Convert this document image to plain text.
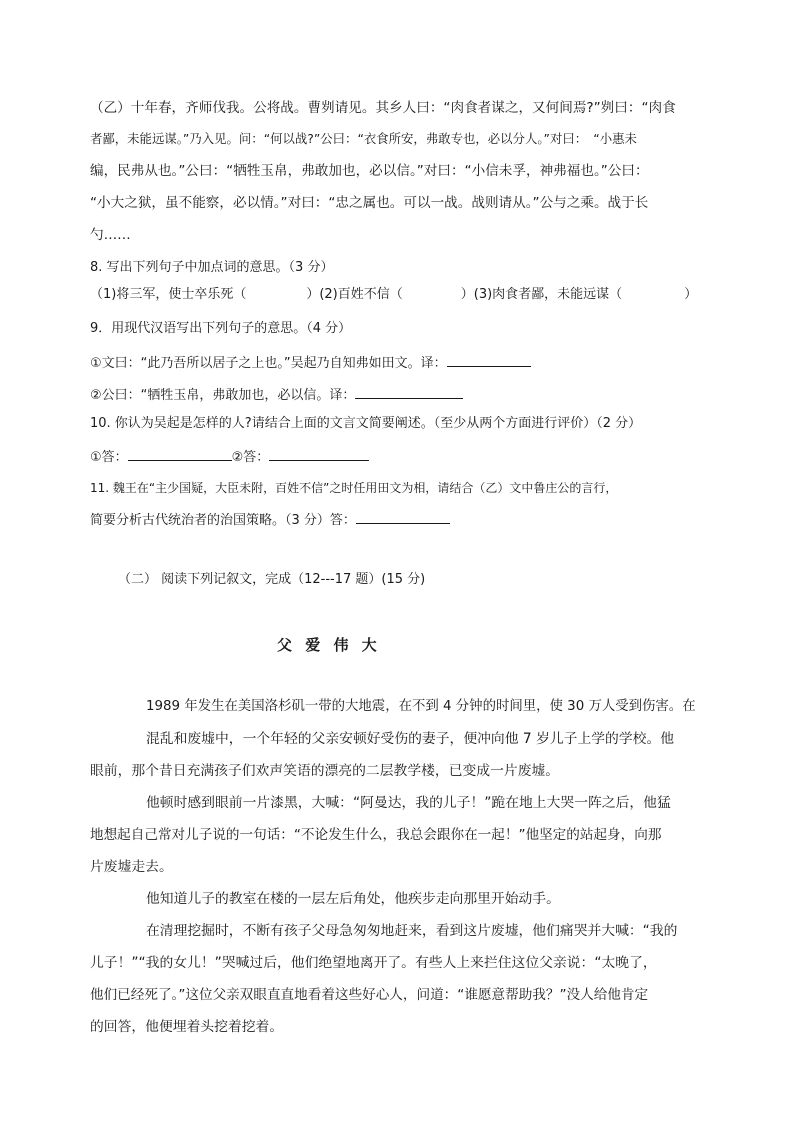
（乙）十年春，齐师伐我。公将战。曹刿请见。其乡人曰：“肉食者谋之，又何间焉?”刿曰：“肉食
者鄙，未能远谋。”乃入见。问：“何以战?”公曰：“衣食所安，弗敢专也，必以分人。”对曰：　“小惠未
编，民弗从也。”公曰：“牺牲玉帛，弗敢加也，必以信。”对曰：“小信未孚，神弗福也。”公曰：
“小大之狱，虽不能察，必以情。”对曰：“忠之属也。可以一战。战则请从。”公与之乘。战于长
勺……
8. 写出下列句子中加点词的意思。（3 分）
（1)将三军，使士卒乐死（	）(2)百姓不信（	）(3)肉食者鄙，未能远谋（	）
9．用现代汉语写出下列句子的意思。（4 分）
①文曰：“此乃吾所以居子之上也。”吴起乃自知弗如田文。译：
②公曰：“牺牲玉帛，弗敢加也，必以信。译：
10. 你认为吴起是怎样的人?请结合上面的文言文简要阐述。（至少从两个方面进行评价）（2 分）
①答：	②答：
11. 魏王在“主少国疑，大臣未附，百姓不信”之时任用田文为相，请结合（乙）文中鲁庄公的言行，
简要分析古代统治者的治国策略。（3 分）答：
（二） 阅读下列记叙文，完成（12---17 题）(15 分)
父 爱 伟 大
1989 年发生在美国洛杉矶一带的大地震，在不到 4 分钟的时间里，使 30 万人受到伤害。在
混乱和废墟中，一个年轻的父亲安顿好受伤的妻子，便冲向他 7 岁儿子上学的学校。他
眼前，那个昔日充满孩子们欢声笑语的漂亮的二层教学楼，已变成一片废墟。
他顿时感到眼前一片漆黑，大喊：“阿曼达，我的儿子！”跪在地上大哭一阵之后，他猛
地想起自己常对儿子说的一句话：“不论发生什么，我总会跟你在一起！”他坚定的站起身，向那
片废墟走去。
他知道儿子的教室在楼的一层左后角处，他疾步走向那里开始动手。
在清理挖掘时，不断有孩子父母急匆匆地赶来，看到这片废墟，他们痛哭并大喊：“我的
儿子！”“我的女儿！”哭喊过后，他们绝望地离开了。有些人上来拦住这位父亲说：“太晚了，
他们已经死了。”这位父亲双眼直直地看着这些好心人，问道：“谁愿意帮助我？”没人给他肯定
的回答，他便埋着头挖着挖着。
